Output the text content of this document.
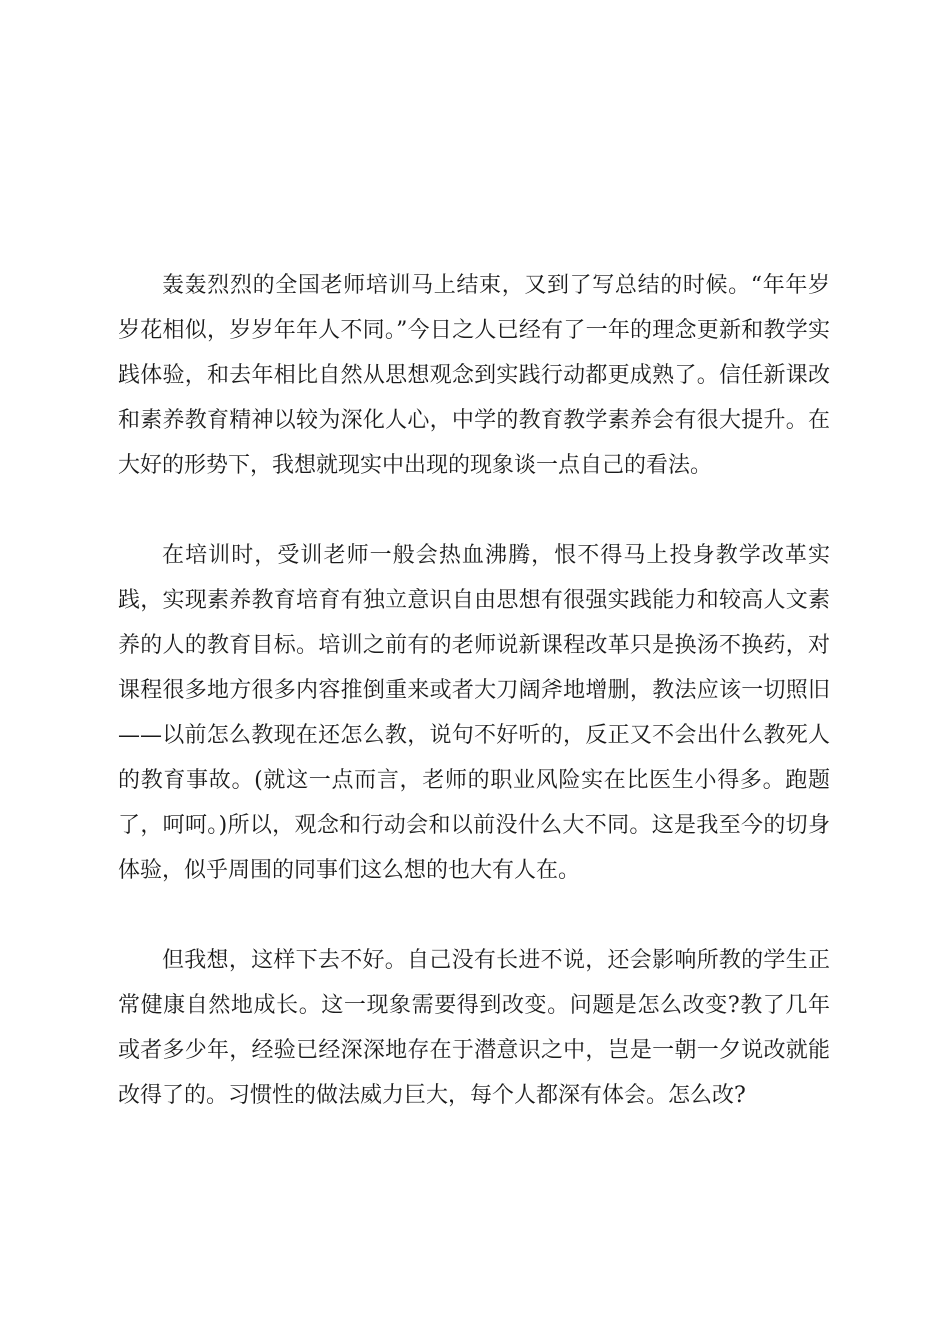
轰轰烈烈的全国老师培训马上结束，又到了写总结的时候。“年年岁岁花相似，岁岁年年人不同。”今日之人已经有了一年的理念更新和教学实践体验，和去年相比自然从思想观念到实践行动都更成熟了。信任新课改和素养教育精神以较为深化人心，中学的教育教学素养会有很大提升。在大好的形势下，我想就现实中出现的现象谈一点自己的看法。

在培训时，受训老师一般会热血沸腾，恨不得马上投身教学改革实践，实现素养教育培育有独立意识自由思想有很强实践能力和较高人文素养的人的教育目标。培训之前有的老师说新课程改革只是换汤不换药，对课程很多地方很多内容推倒重来或者大刀阔斧地增删，教法应该一切照旧——以前怎么教现在还怎么教，说句不好听的，反正又不会出什么教死人的教育事故。(就这一点而言，老师的职业风险实在比医生小得多。跑题了，呵呵。)所以，观念和行动会和以前没什么大不同。这是我至今的切身体验，似乎周围的同事们这么想的也大有人在。

但我想，这样下去不好。自己没有长进不说，还会影响所教的学生正常健康自然地成长。这一现象需要得到改变。问题是怎么改变?教了几年或者多少年，经验已经深深地存在于潜意识之中，岂是一朝一夕说改就能改得了的。习惯性的做法威力巨大，每个人都深有体会。怎么改?
